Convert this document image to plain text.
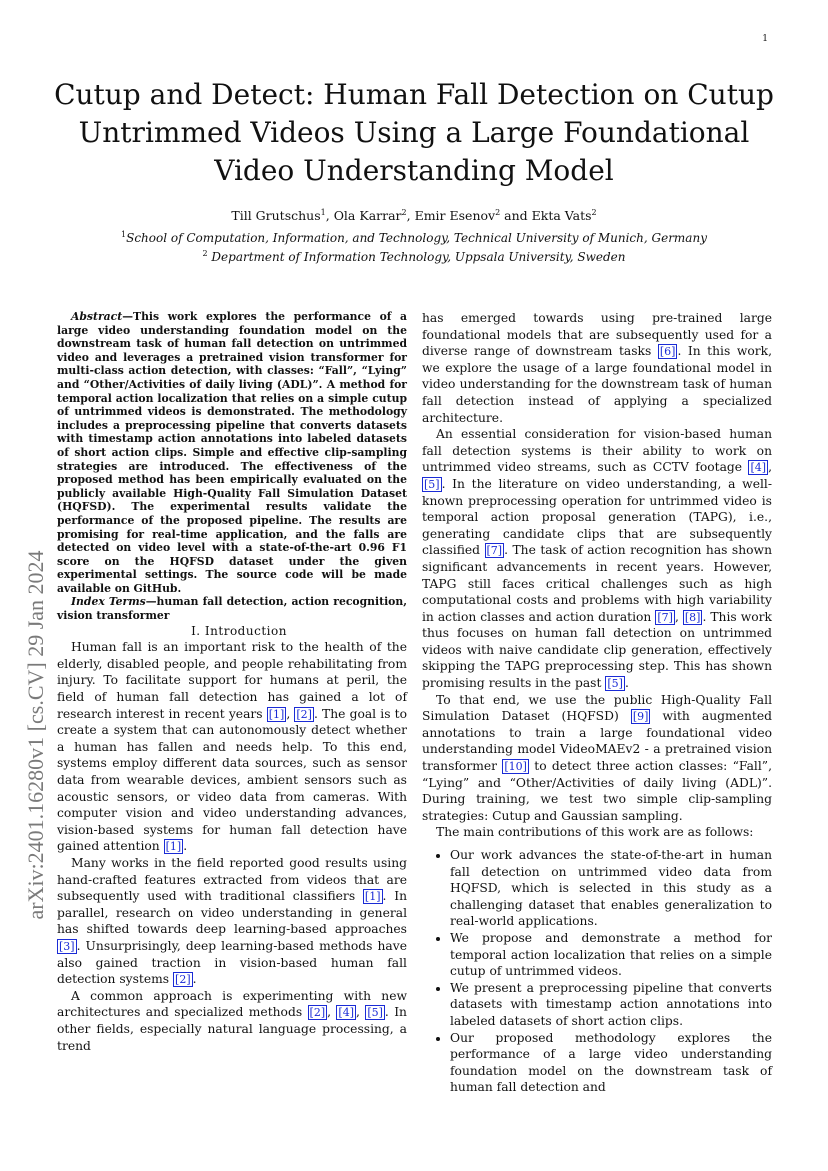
1
arXiv:2401.16280v1 [cs.CV] 29 Jan 2024
Cutup and Detect: Human Fall Detection on Cutup Untrimmed Videos Using a Large Foundational Video Understanding Model
Till Grutschus$^1$, Ola Karrar$^2$, Emir Esenov$^2$ and Ekta Vats$^2$
$^1$School of Computation, Information, and Technology, Technical University of Munich, Germany
$^2$ Department of Information Technology, Uppsala University, Sweden

Abstract—This work explores the performance of a large video understanding foundation model on the downstream task of human fall detection on untrimmed video and leverages a pretrained vision transformer for multi-class action detection, with classes: “Fall”, “Lying” and “Other/Activities of daily living (ADL)”. A method for temporal action localization that relies on a simple cutup of untrimmed videos is demonstrated. The methodology includes a preprocessing pipeline that converts datasets with timestamp action annotations into labeled datasets of short action clips. Simple and effective clip-sampling strategies are introduced. The effectiveness of the proposed method has been empirically evaluated on the publicly available High-Quality Fall Simulation Dataset (HQFSD). The experimental results validate the performance of the proposed pipeline. The results are promising for real-time application, and the falls are detected on video level with a state-of-the-art 0.96 F1 score on the HQFSD dataset under the given experimental settings. The source code will be made available on GitHub.

Index Terms—human fall detection, action recognition, vision transformer

I. Introduction

Human fall is an important risk to the health of the elderly, disabled people, and people rehabilitating from injury. To facilitate support for humans at peril, the field of human fall detection has gained a lot of research interest in recent years [1] , [2] . The goal is to create a system that can autonomously detect whether a human has fallen and needs help. To this end, systems employ different data sources, such as sensor data from wearable devices, ambient sensors such as acoustic sensors, or video data from cameras. With computer vision and video understanding advances, vision-based systems for human fall detection have gained attention [1] .

Many works in the field reported good results using hand-crafted features extracted from videos that are subsequently used with traditional classifiers [1] . In parallel, research on video understanding in general has shifted towards deep learning-based approaches [3] . Unsurprisingly, deep learning-based methods have also gained traction in vision-based human fall detection systems [2] .

A common approach is experimenting with new architectures and specialized methods [2] , [4] , [5] . In other fields, especially natural language processing, a trend

has emerged towards using pre-trained large foundational models that are subsequently used for a diverse range of downstream tasks [6] . In this work, we explore the usage of a large foundational model in video understanding for the downstream task of human fall detection instead of applying a specialized architecture.

An essential consideration for vision-based human fall detection systems is their ability to work on untrimmed video streams, such as CCTV footage [4] , [5] . In the literature on video understanding, a well-known preprocessing operation for untrimmed video is temporal action proposal generation (TAPG), i.e., generating candidate clips that are subsequently classified [7] . The task of action recognition has shown significant advancements in recent years. However, TAPG still faces critical challenges such as high computational costs and problems with high variability in action classes and action duration [7] , [8] . This work thus focuses on human fall detection on untrimmed videos with naive candidate clip generation, effectively skipping the TAPG preprocessing step. This has shown promising results in the past [5] .

To that end, we use the public High-Quality Fall Simulation Dataset (HQFSD) [9] with augmented annotations to train a large foundational video understanding model VideoMAEv2 - a pretrained vision transformer [10] to detect three action classes: “Fall”, “Lying” and “Other/Activities of daily living (ADL)”. During training, we test two simple clip-sampling strategies: Cutup and Gaussian sampling.

The main contributions of this work are as follows:

• Our work advances the state-of-the-art in human fall detection on untrimmed video data from HQFSD, which is selected in this study as a challenging dataset that enables generalization to real-world applications.
• We propose and demonstrate a method for temporal action localization that relies on a simple cutup of untrimmed videos.
• We present a preprocessing pipeline that converts datasets with timestamp action annotations into labeled datasets of short action clips.
• Our proposed methodology explores the performance of a large video understanding foundation model on the downstream task of human fall detection and
